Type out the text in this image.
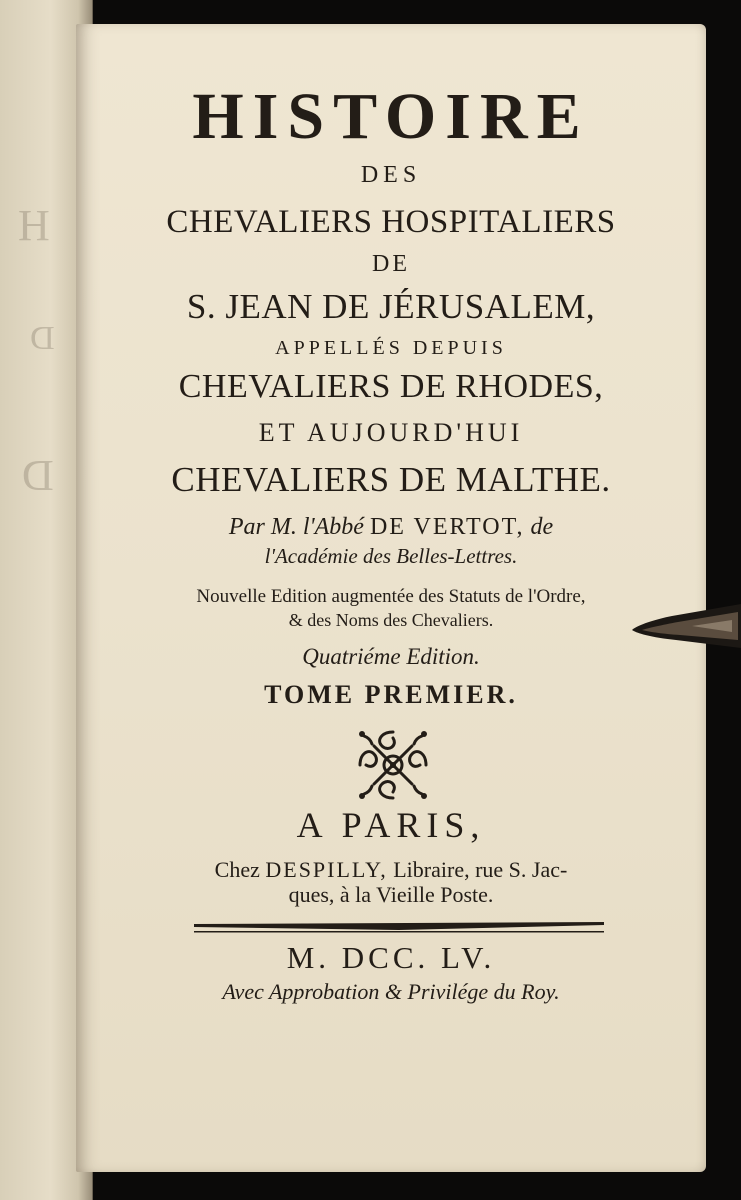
H
D
D
HISTOIRE
DES
CHEVALIERS HOSPITALIERS
DE
S. JEAN DE JÉRUSALEM,
APPELLÉS DEPUIS
CHEVALIERS DE RHODES,
ET AUJOURD'HUI
CHEVALIERS DE MALTHE.
Par M. l'Abbé DE VERTOT, de
l'Académie des Belles-Lettres.
Nouvelle Edition augmentée des Statuts de l'Ordre,
& des Noms des Chevaliers.
Quatriéme Edition.
TOME PREMIER.
A PARIS,
Chez DESPILLY, Libraire, rue S. Jac-
ques, à la Vieille Poste.
M. DCC. LV.
Avec Approbation & Privilége du Roy.
